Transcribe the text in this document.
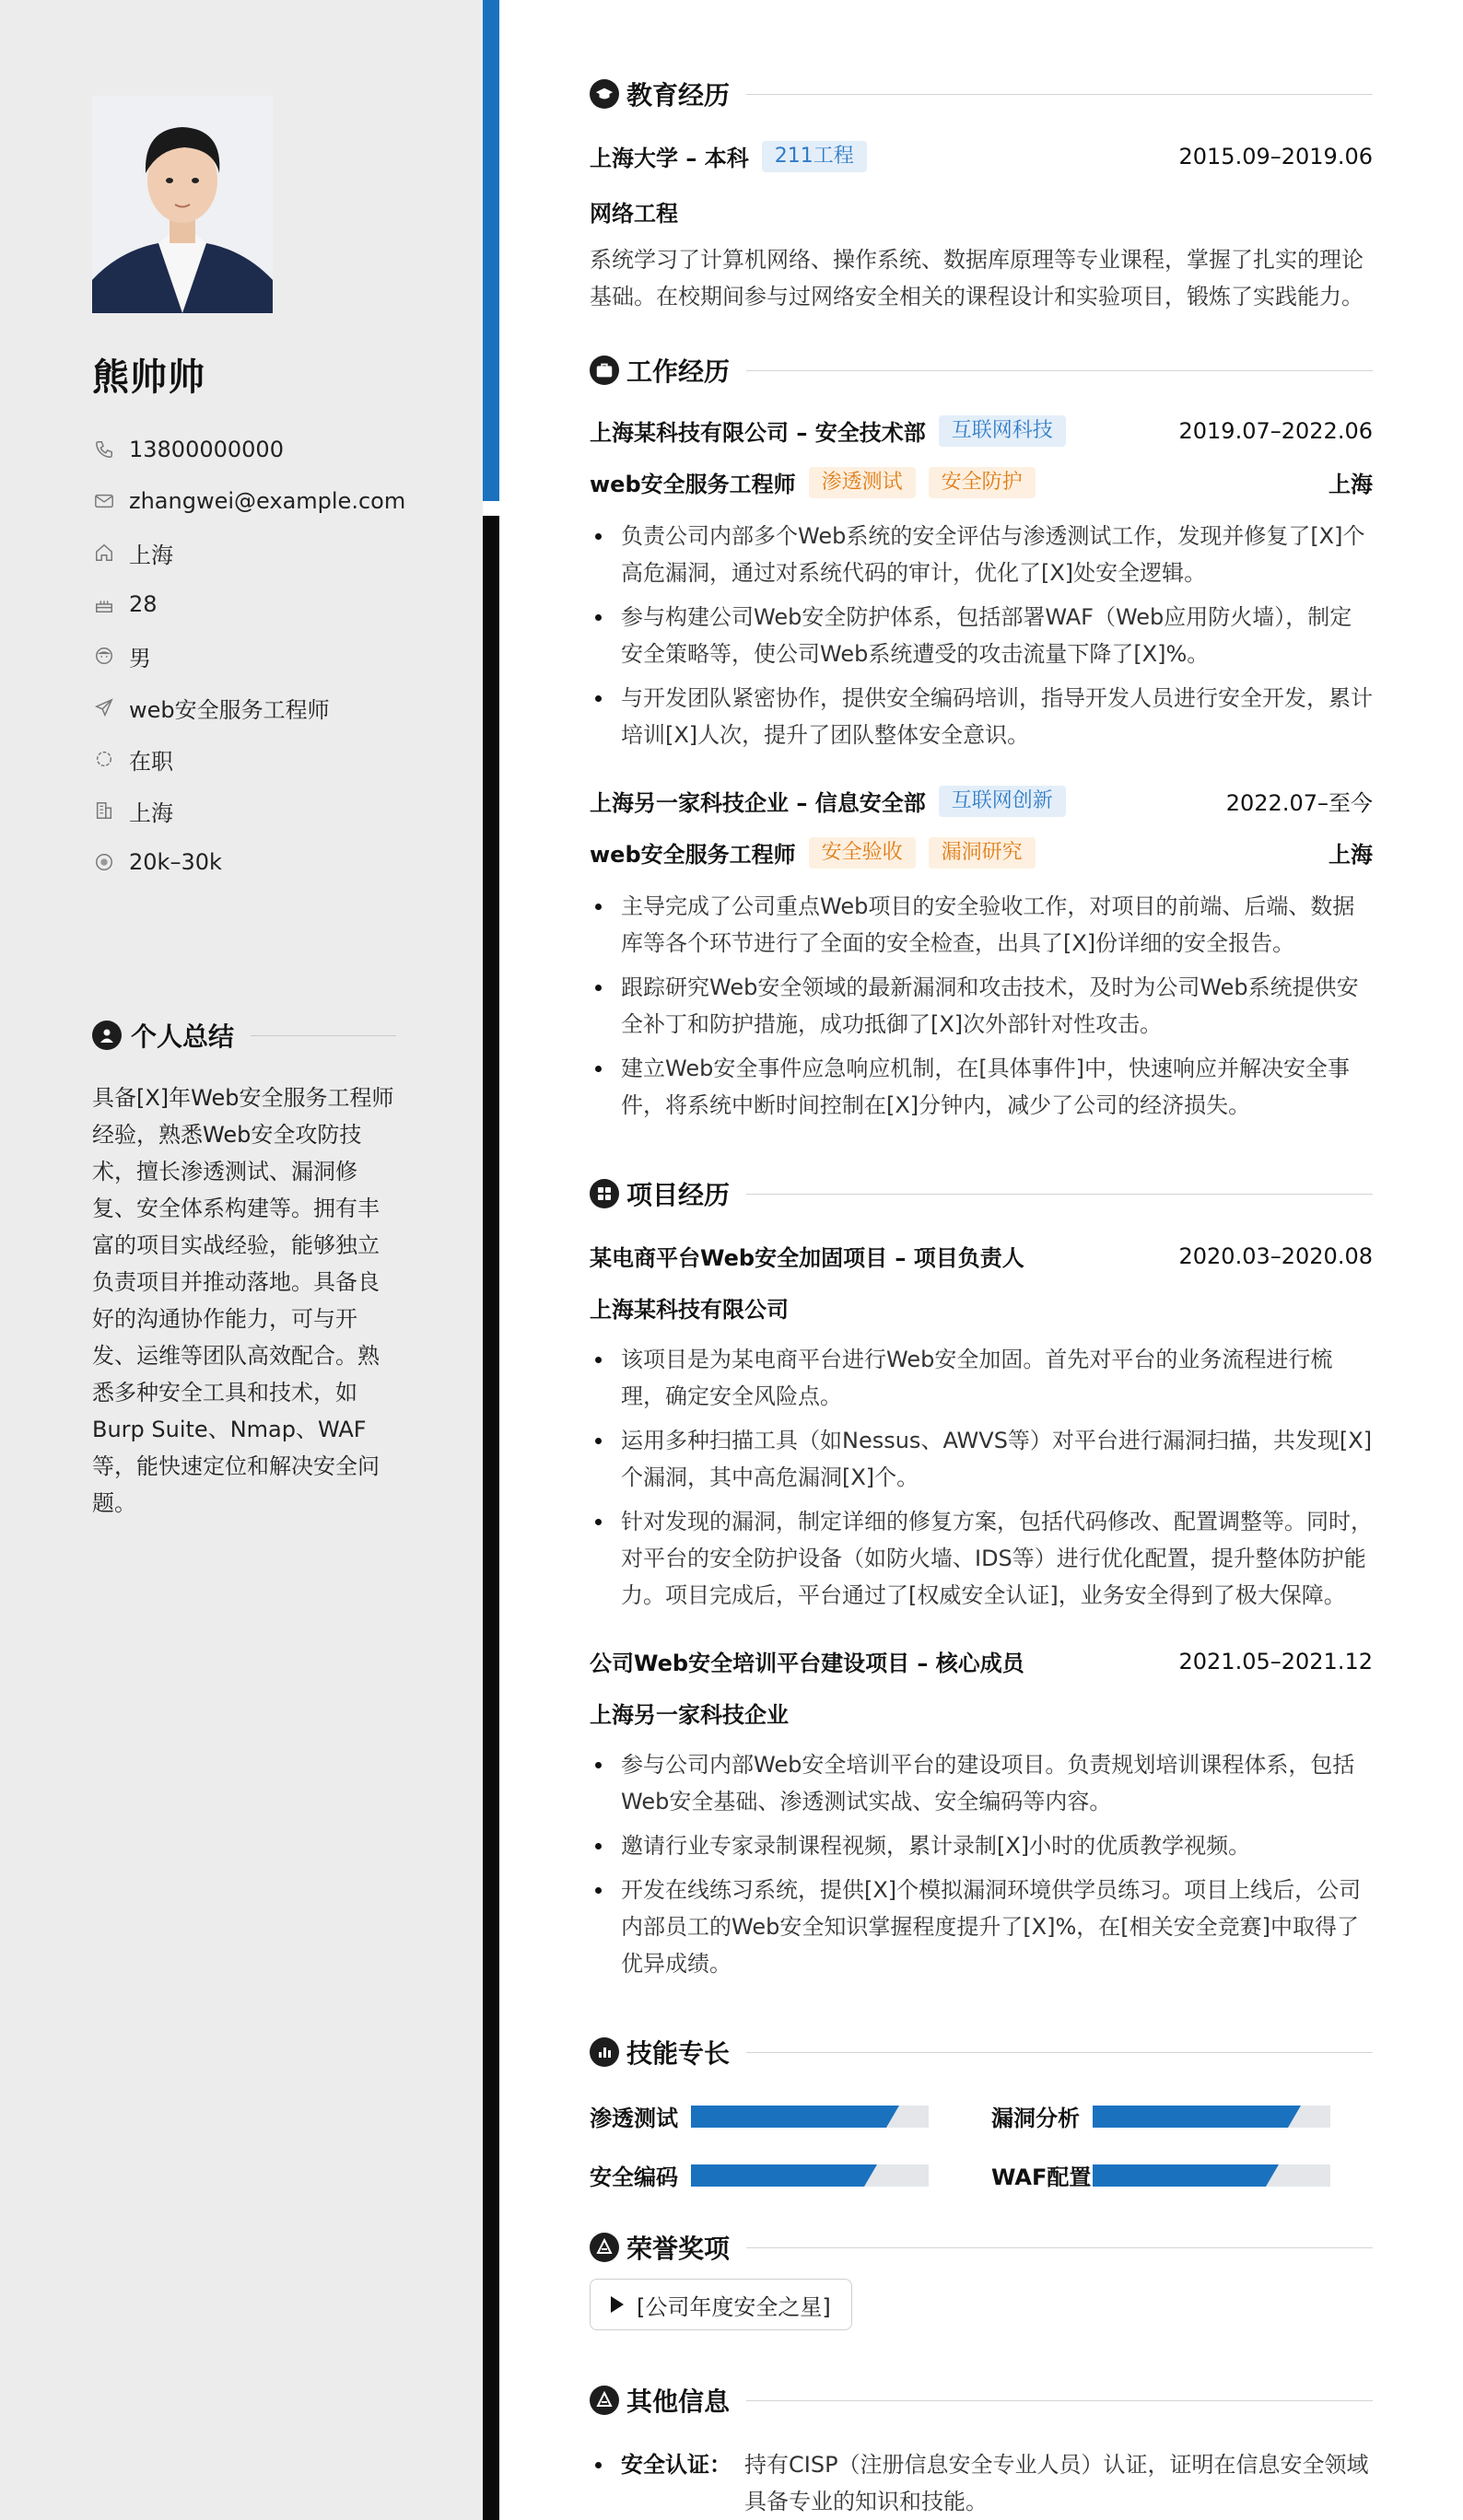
熊帅帅
13800000000
zhangwei@example.com
上海
28
男
web安全服务工程师
在职
上海
20k–30k
个人总结
具备[X]年Web安全服务工程师经验，熟悉Web安全攻防技术，擅长渗透测试、漏洞修复、安全体系构建等。拥有丰富的项目实战经验，能够独立负责项目并推动落地。具备良好的沟通协作能力，可与开发、运维等团队高效配合。熟悉多种安全工具和技术，如Burp Suite、Nmap、WAF等，能快速定位和解决安全问题。
教育经历
上海大学 – 本科	211工程	2015.09–2019.06
网络工程
系统学习了计算机网络、操作系统、数据库原理等专业课程，掌握了扎实的理论基础。在校期间参与过网络安全相关的课程设计和实验项目，锻炼了实践能力。
工作经历
上海某科技有限公司 – 安全技术部	互联网科技	2019.07–2022.06
web安全服务工程师	渗透测试	安全防护	上海
负责公司内部多个Web系统的安全评估与渗透测试工作，发现并修复了[X]个高危漏洞，通过对系统代码的审计，优化了[X]处安全逻辑。
参与构建公司Web安全防护体系，包括部署WAF（Web应用防火墙），制定安全策略等，使公司Web系统遭受的攻击流量下降了[X]%。
与开发团队紧密协作，提供安全编码培训，指导开发人员进行安全开发，累计培训[X]人次，提升了团队整体安全意识。
上海另一家科技企业 – 信息安全部	互联网创新	2022.07–至今
web安全服务工程师	安全验收	漏洞研究	上海
主导完成了公司重点Web项目的安全验收工作，对项目的前端、后端、数据库等各个环节进行了全面的安全检查，出具了[X]份详细的安全报告。
跟踪研究Web安全领域的最新漏洞和攻击技术，及时为公司Web系统提供安全补丁和防护措施，成功抵御了[X]次外部针对性攻击。
建立Web安全事件应急响应机制，在[具体事件]中，快速响应并解决安全事件，将系统中断时间控制在[X]分钟内，减少了公司的经济损失。
项目经历
某电商平台Web安全加固项目 – 项目负责人	2020.03–2020.08
上海某科技有限公司
该项目是为某电商平台进行Web安全加固。首先对平台的业务流程进行梳理，确定安全风险点。
运用多种扫描工具（如Nessus、AWVS等）对平台进行漏洞扫描，共发现[X]个漏洞，其中高危漏洞[X]个。
针对发现的漏洞，制定详细的修复方案，包括代码修改、配置调整等。同时，对平台的安全防护设备（如防火墙、IDS等）进行优化配置，提升整体防护能力。项目完成后，平台通过了[权威安全认证]，业务安全得到了极大保障。
公司Web安全培训平台建设项目 – 核心成员	2021.05–2021.12
上海另一家科技企业
参与公司内部Web安全培训平台的建设项目。负责规划培训课程体系，包括Web安全基础、渗透测试实战、安全编码等内容。
邀请行业专家录制课程视频，累计录制[X]小时的优质教学视频。
开发在线练习系统，提供[X]个模拟漏洞环境供学员练习。项目上线后，公司内部员工的Web安全知识掌握程度提升了[X]%，在[相关安全竞赛]中取得了优异成绩。
技能专长
渗透测试	漏洞分析
安全编码	WAF配置
荣誉奖项
[公司年度安全之星]
其他信息
安全认证： 持有CISP（注册信息安全专业人员）认证，证明在信息安全领域具备专业的知识和技能。
